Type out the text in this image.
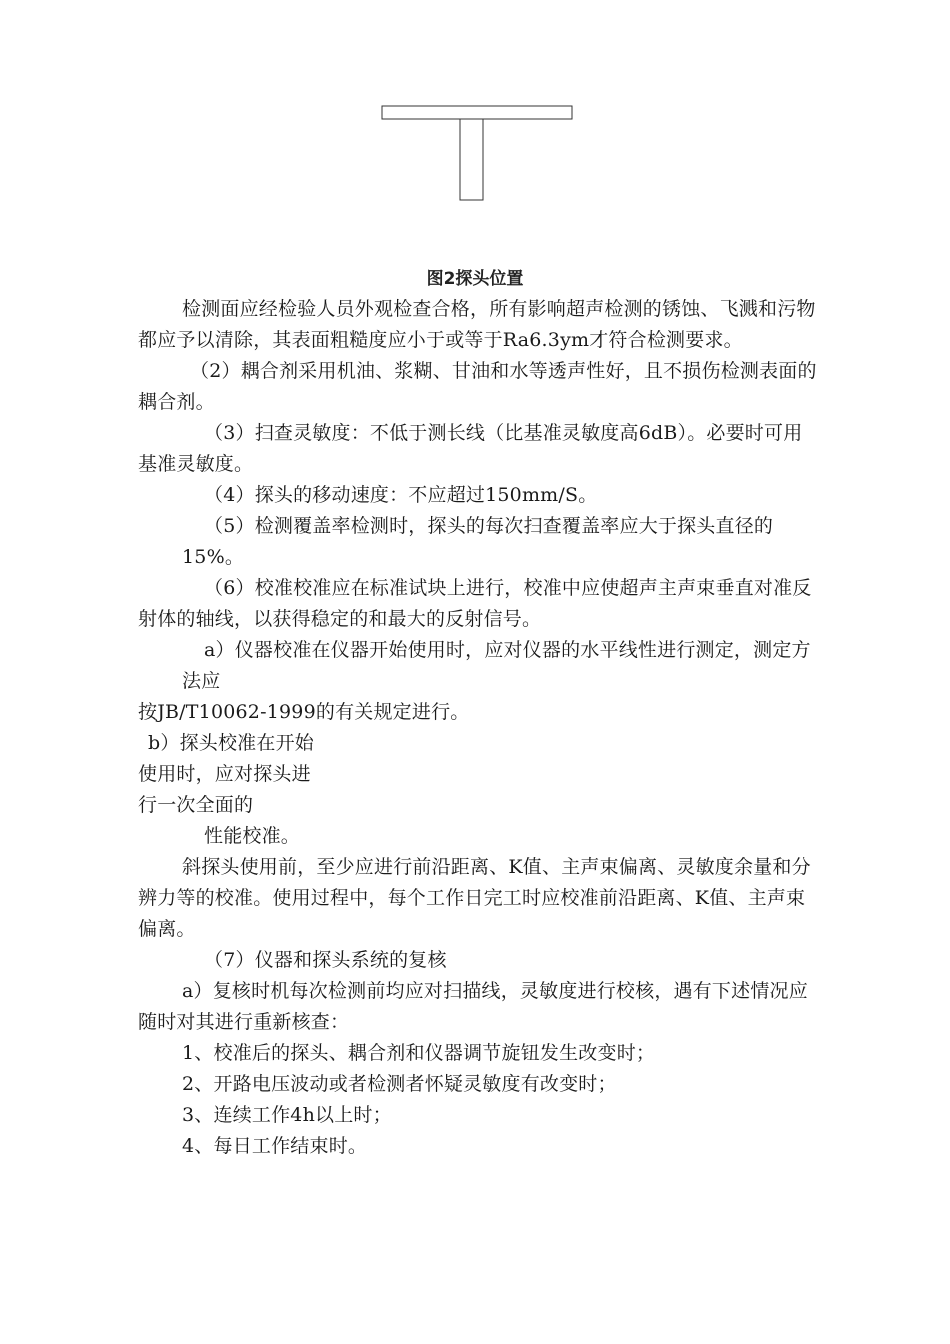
图2探头位置

检测面应经检验人员外观检查合格，所有影响超声检测的锈蚀、飞溅和污物都应予以清除，其表面粗糙度应小于或等于Ra6.3ym才符合检测要求。

（2）耦合剂采用机油、浆糊、甘油和水等透声性好，且不损伤检测表面的耦合剂。

（3）扫查灵敏度：不低于测长线（比基准灵敏度高6dB）。必要时可用基准灵敏度。

（4）探头的移动速度：不应超过150mm/S。

（5）检测覆盖率检测时，探头的每次扫查覆盖率应大于探头直径的15%。

（6）校准校准应在标准试块上进行，校准中应使超声主声束垂直对准反射体的轴线，以获得稳定的和最大的反射信号。

a）仪器校准在仪器开始使用时，应对仪器的水平线性进行测定，测定方法应

按JB/T10062-1999的有关规定进行。

b）探头校准在开始使用时，应对探头进行一次全面的

性能校准。

斜探头使用前，至少应进行前沿距离、K值、主声束偏离、灵敏度余量和分辨力等的校准。使用过程中，每个工作日完工时应校准前沿距离、K值、主声束偏离。

（7）仪器和探头系统的复核

a）复核时机每次检测前均应对扫描线，灵敏度进行校核，遇有下述情况应随时对其进行重新核查：

1、校准后的探头、耦合剂和仪器调节旋钮发生改变时；

2、开路电压波动或者检测者怀疑灵敏度有改变时；

3、连续工作4h以上时；

4、每日工作结束时。
